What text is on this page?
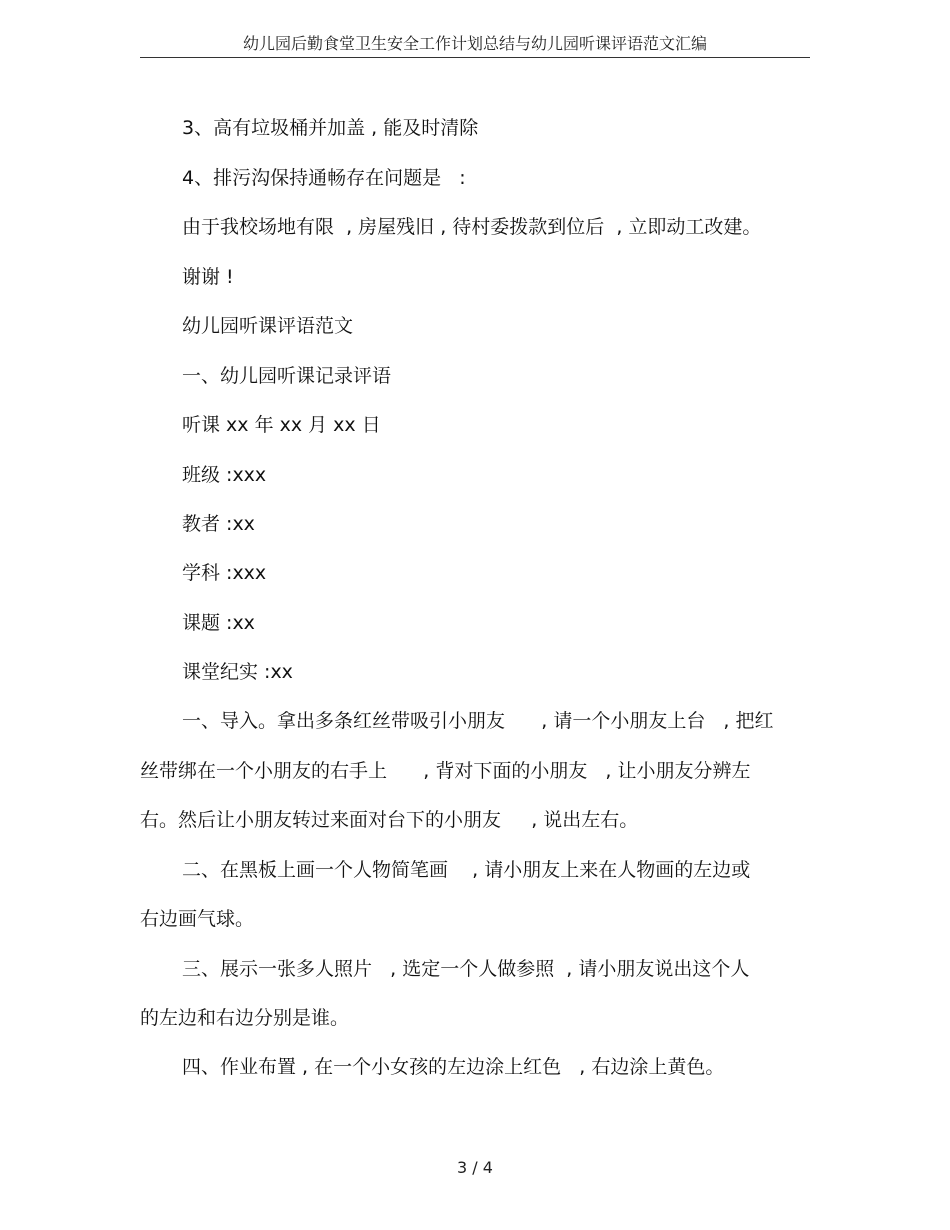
幼儿园后勤食堂卫生安全工作计划总结与幼儿园听课评语范文汇编
3、高有垃圾桶并加盖 , 能及时清除
4、排污沟保持通畅存在问题是   :
由于我校场地有限  , 房屋残旧 , 待村委拨款到位后  , 立即动工改建。
谢谢 !
幼儿园听课评语范文
一、幼儿园听课记录评语
听课 xx 年 xx 月 xx 日
班级 :xxx
教者 :xx
学科 :xxx
课题 :xx
课堂纪实 :xx
一、导入。拿出多条红丝带吸引小朋友      , 请一个小朋友上台   , 把红
丝带绑在一个小朋友的右手上      , 背对下面的小朋友   , 让小朋友分辨左
右。然后让小朋友转过来面对台下的小朋友     , 说出左右。
二、在黑板上画一个人物简笔画    , 请小朋友上来在人物画的左边或
右边画气球。
三、展示一张多人照片   , 选定一个人做参照  , 请小朋友说出这个人
的左边和右边分别是谁。
四、作业布置 , 在一个小女孩的左边涂上红色   , 右边涂上黄色。
3 / 4
